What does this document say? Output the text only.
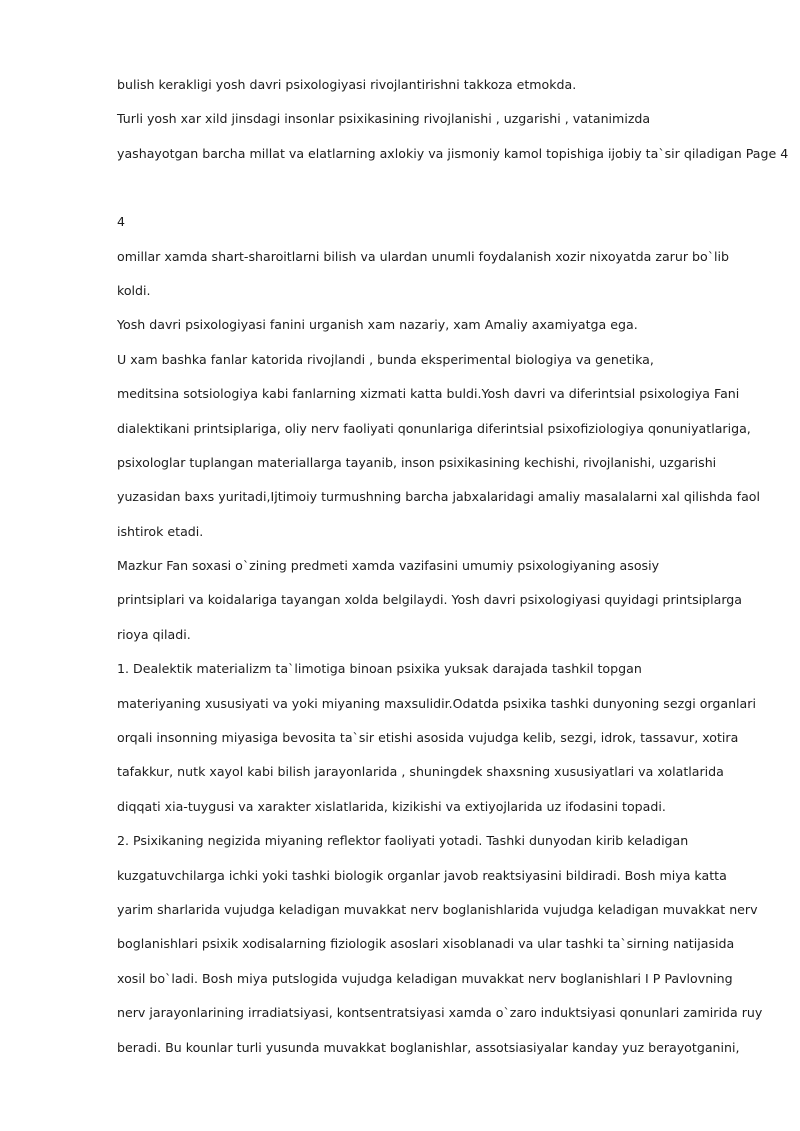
bulish kerakligi yosh davri psixologiyasi rivojlantirishni takkoza etmokda.
Turli yosh xar xild jinsdagi insonlar psixikasining rivojlanishi , uzgarishi , vatanimizda
yashayotgan barcha millat va elatlarning axlokiy va jismoniy kamol topishiga ijobiy ta`sir qiladigan Page 4
4
omillar xamda shart-sharoitlarni bilish va ulardan unumli foydalanish xozir nixoyatda zarur bo`lib
koldi.
Yosh davri psixologiyasi fanini urganish xam nazariy, xam Amaliy axamiyatga ega.
U xam bashka fanlar katorida rivojlandi , bunda eksperimental biologiya va genetika,
meditsina sotsiologiya kabi fanlarning xizmati katta buldi.Yosh davri va diferintsial psixologiya Fani
dialektikani printsiplariga, oliy nerv faoliyati qonunlariga diferintsial psixofiziologiya qonuniyatlariga,
psixologlar tuplangan materiallarga tayanib, inson psixikasining kechishi, rivojlanishi, uzgarishi
yuzasidan baxs yuritadi,Ijtimoiy turmushning barcha jabxalaridagi amaliy masalalarni xal qilishda faol
ishtirok etadi.
Mazkur Fan soxasi o`zining predmeti xamda vazifasini umumiy psixologiyaning asosiy
printsiplari va koidalariga tayangan xolda belgilaydi. Yosh davri psixologiyasi quyidagi printsiplarga
rioya qiladi.
1. Dealektik materializm ta`limotiga binoan psixika yuksak darajada tashkil topgan
materiyaning xususiyati va yoki miyaning maxsulidir.Odatda psixika tashki dunyoning sezgi organlari
orqali insonning miyasiga bevosita ta`sir etishi asosida vujudga kelib, sezgi, idrok, tassavur, xotira
tafakkur, nutk xayol kabi bilish jarayonlarida , shuningdek shaxsning xususiyatlari va xolatlarida
diqqati xia-tuygusi va xarakter xislatlarida, kizikishi va extiyojlarida uz ifodasini topadi.
2. Psixikaning negizida miyaning reflektor faoliyati yotadi. Tashki dunyodan kirib keladigan
kuzgatuvchilarga ichki yoki tashki biologik organlar javob reaktsiyasini bildiradi. Bosh miya katta
yarim sharlarida vujudga keladigan muvakkat nerv boglanishlarida vujudga keladigan muvakkat nerv
boglanishlari psixik xodisalarning fiziologik asoslari xisoblanadi va ular tashki ta`sirning natijasida
xosil bo`ladi. Bosh miya putslogida vujudga keladigan muvakkat nerv boglanishlari I P Pavlovning
nerv jarayonlarining irradiatsiyasi, kontsentratsiyasi xamda o`zaro induktsiyasi qonunlari zamirida ruy
beradi. Bu kounlar turli yusunda muvakkat boglanishlar, assotsiasiyalar kanday yuz berayotganini,
